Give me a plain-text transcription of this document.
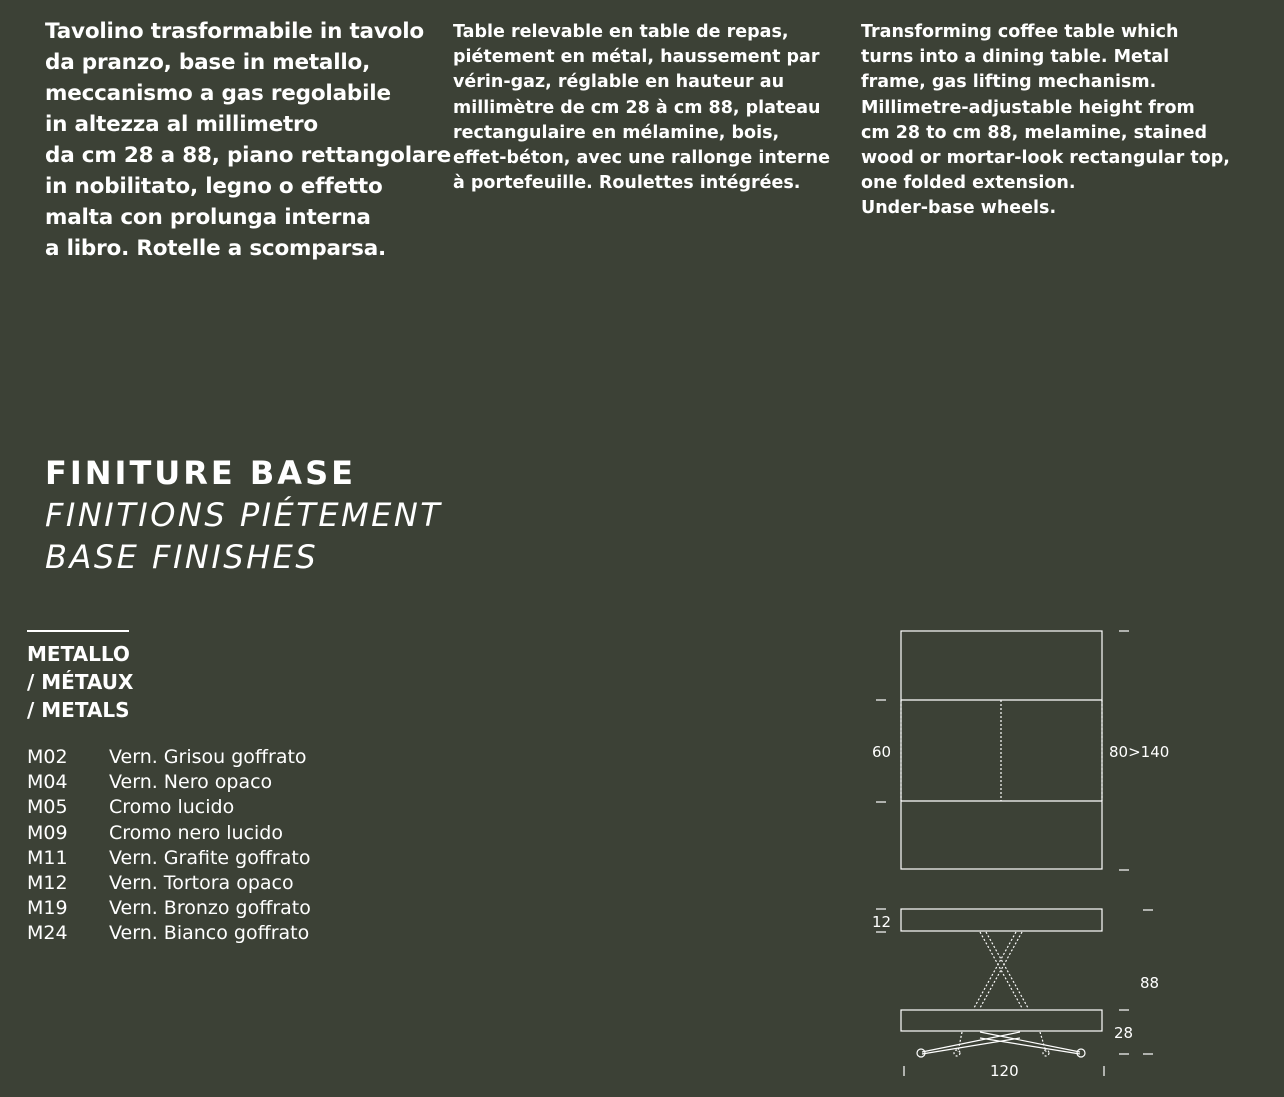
Tavolino trasformabile in tavolo
da pranzo, base in metallo,
meccanismo a gas regolabile
in altezza al millimetro
da cm 28 a 88, piano rettangolare
in nobilitato, legno o effetto
malta con prolunga interna
a libro. Rotelle a scomparsa.
Table relevable en table de repas,
piétement en métal, haussement par
vérin-gaz, réglable en hauteur au
millimètre de cm 28 à cm 88, plateau
rectangulaire en mélamine, bois,
effet-béton, avec une rallonge interne
à portefeuille. Roulettes intégrées.
Transforming coffee table which
turns into a dining table. Metal
frame, gas lifting mechanism.
Millimetre-adjustable height from
cm 28 to cm 88, melamine, stained
wood or mortar-look rectangular top,
one folded extension.
Under-base wheels.
FINITURE BASE
FINITIONS PIÉTEMENT
BASE FINISHES
METALLO
/ MÉTAUX
/ METALS
M02	Vern. Grisou goffrato
M04	Vern. Nero opaco
M05	Cromo lucido
M09	Cromo nero lucido
M11	Vern. Grafite goffrato
M12	Vern. Tortora opaco
M19	Vern. Bronzo goffrato
M24	Vern. Bianco goffrato
60	80>140
12
88
28
120
